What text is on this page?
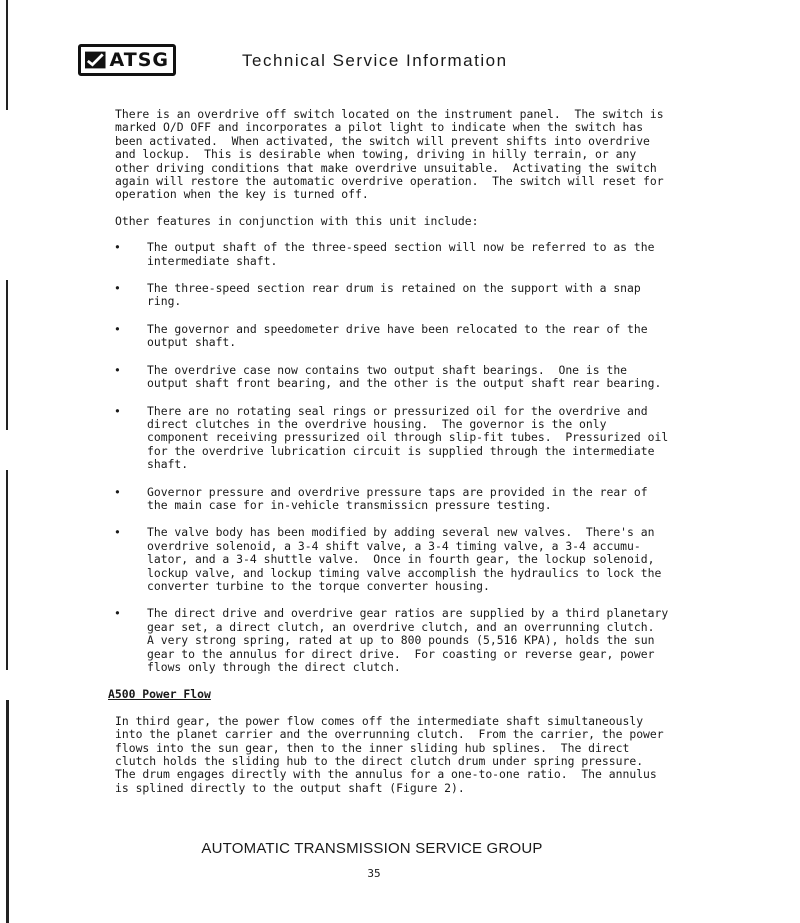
ATSG	Technical Service Information

There is an overdrive off switch located on the instrument panel.  The switch is
marked O/D OFF and incorporates a pilot light to indicate when the switch has
been activated.  When activated, the switch will prevent shifts into overdrive
and lockup.  This is desirable when towing, driving in hilly terrain, or any
other driving conditions that make overdrive unsuitable.  Activating the switch
again will restore the automatic overdrive operation.  The switch will reset for
operation when the key is turned off.

Other features in conjunction with this unit include:

• The output shaft of the three-speed section will now be referred to as the
intermediate shaft.
• The three-speed section rear drum is retained on the support with a snap
ring.
• The governor and speedometer drive have been relocated to the rear of the
output shaft.
• The overdrive case now contains two output shaft bearings.  One is the
output shaft front bearing, and the other is the output shaft rear bearing.
• There are no rotating seal rings or pressurized oil for the overdrive and
direct clutches in the overdrive housing.  The governor is the only
component receiving pressurized oil through slip-fit tubes.  Pressurized oil
for the overdrive lubrication circuit is supplied through the intermediate
shaft.
• Governor pressure and overdrive pressure taps are provided in the rear of
the main case for in-vehicle transmissicn pressure testing.
• The valve body has been modified by adding several new valves.  There's an
overdrive solenoid, a 3-4 shift valve, a 3-4 timing valve, a 3-4 accumu-
lator, and a 3-4 shuttle valve.  Once in fourth gear, the lockup solenoid,
lockup valve, and lockup timing valve accomplish the hydraulics to lock the
converter turbine to the torque converter housing.
• The direct drive and overdrive gear ratios are supplied by a third planetary
gear set, a direct clutch, an overdrive clutch, and an overrunning clutch.
A very strong spring, rated at up to 800 pounds (5,516 KPA), holds the sun
gear to the annulus for direct drive.  For coasting or reverse gear, power
flows only through the direct clutch.
A500 Power Flow

In third gear, the power flow comes off the intermediate shaft simultaneously
into the planet carrier and the overrunning clutch.  From the carrier, the power
flows into the sun gear, then to the inner sliding hub splines.  The direct
clutch holds the sliding hub to the direct clutch drum under spring pressure.
The drum engages directly with the annulus for a one-to-one ratio.  The annulus
is splined directly to the output shaft (Figure 2).

AUTOMATIC TRANSMISSION SERVICE GROUP
35
